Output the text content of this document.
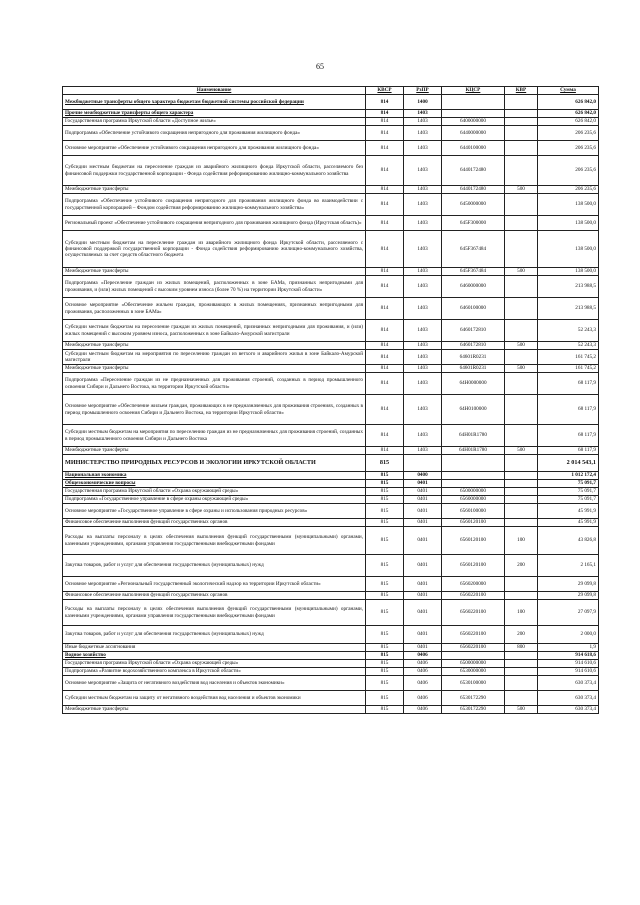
65
Наименование	КВСР	РзПР	КЦСР	КВР	Сумма
Межбюджетные трансферты общего характера бюджетам бюджетной системы российской федерации	814	1400			626 842,0
Прочие межбюджетные трансферты общего характера	814	1403			626 842,0
Государственная программа Иркутской области «Доступное жилье»	814	1403	6400000000		626 842,0
Подпрограмма «Обеспечение устойчивого сокращения непригодного для проживания жилищного фонда»	814	1403	6440000000		206 235,6
Основное мероприятие «Обеспечение устойчивого сокращения непригодного для проживания жилищного фонда»	814	1403	6440100000		206 235,6
Субсидии местным бюджетам на переселение граждан из аварийного жилищного фонда Иркутской области, расселяемого без финансовой поддержки государственной корпорации - Фонда содействия реформированию жилищно-коммунального хозяйства	814	1403	6440172480		206 235,6
Межбюджетные трансферты	814	1403	6440172480	500	206 235,6
Подпрограмма «Обеспечение устойчивого сокращения непригодного для проживания жилищного фонда во взаимодействии с государственной корпорацией – Фондом содействия реформированию жилищно-коммунального хозяйства»	814	1403	6450000000		138 500,0
Региональный проект «Обеспечение устойчивого сокращения непригодного для проживания жилищного фонда (Иркутская область)»	814	1403	645F300000		138 500,0
Субсидии местным бюджетам на переселение граждан из аварийного жилищного фонда Иркутской области, расселяемого с финансовой поддержкой государственной корпорации - Фонда содействия реформированию жилищно-коммунального хозяйства, осуществляемых за счет средств областного бюджета	814	1403	645F367484		138 500,0
Межбюджетные трансферты	814	1403	645F367484	500	138 500,0
Подпрограмма «Переселение граждан из жилых помещений, расположенных в зоне БАМа, признанных непригодными для проживания, и (или) жилых помещений с высоким уровнем износа (более 70 %) на территории Иркутской области»	814	1403	6460000000		213 988,5
Основное мероприятие «Обеспечение жильем граждан, проживающих в жилых помещениях, признанных непригодными для проживания, расположенных в зоне БАМа»	814	1403	6460100000		213 988,5
Субсидии местным бюджетам на переселение граждан из жилых помещений, признанных непригодными для проживания, и (или) жилых помещений с высоким уровнем износа, расположенных в зоне Байкало-Амурской магистрали	814	1403	6460172810		52 243,3
Межбюджетные трансферты	814	1403	6460172810	500	52 243,3
Субсидии местным бюджетам на мероприятия по переселению граждан из ветхого и аварийного жилья в зоне Байкало-Амурской магистрали	814	1403	64601R0231		161 745,2
Межбюджетные трансферты	814	1403	64601R0231	500	161 745,2
Подпрограмма «Переселение граждан из не предназначенных для проживания строений, созданных в период промышленного освоения Сибири и Дальнего Востока, на территории Иркутской области»	814	1403	64Н0000000		68 117,9
Основное мероприятие «Обеспечение жильем граждан, проживающих в не предназначенных для проживания строениях, созданных в период промышленного освоения Сибири и Дальнего Востока, на территории Иркутской области»	814	1403	64Н0100000		68 117,9
Субсидии местным бюджетам на мероприятия по переселению граждан из не предназначенных для проживания строений, созданных в период промышленного освоения Сибири и Дальнего Востока	814	1403	64Н01R1780		68 117,9
Межбюджетные трансферты	814	1403	64Н01R1780	500	68 117,9
МИНИСТЕРСТВО ПРИРОДНЫХ РЕСУРСОВ И ЭКОЛОГИИ ИРКУТСКОЙ ОБЛАСТИ	815				2 014 543,1
Национальная экономика	815	0400			1 012 172,4
Общеэкономические вопросы	815	0401			75 091,7
Государственная программа Иркутской области «Охрана окружающей среды»	815	0401	6500000000		75 091,7
Подпрограмма «Государственное управление в сфере охраны окружающей среды»	815	0401	6560000000		75 091,7
Основное мероприятие «Государственное управление в сфере охраны и использования природных ресурсов»	815	0401	6560100000		45 991,9
Финансовое обеспечение выполнения функций государственных органов	815	0401	6560120100		45 991,9
Расходы на выплаты персоналу в целях обеспечения выполнения функций государственными (муниципальными) органами, казенными учреждениями, органами управления государственными внебюджетными фондами	815	0401	6560120100	100	43 826,8
Закупка товаров, работ и услуг для обеспечения государственных (муниципальных) нужд	815	0401	6560120100	200	2 165,1
Основное мероприятие «Региональный государственный экологический надзор на территории Иркутской области»	815	0401	6560200000		29 099,8
Финансовое обеспечение выполнения функций государственных органов	815	0401	6560220100		29 099,8
Расходы на выплаты персоналу в целях обеспечения выполнения функций государственными (муниципальными) органами, казенными учреждениями, органами управления государственными внебюджетными фондами	815	0401	6560220100	100	27 097,9
Закупка товаров, работ и услуг для обеспечения государственных (муниципальных) нужд	815	0401	6560220100	200	2 000,0
Иные бюджетные ассигнования	815	0401	6560220100	800	1,9
Водное хозяйство	815	0406			914 618,6
Государственная программа Иркутской области «Охрана окружающей среды»	815	0406	6500000000		914 610,6
Подпрограмма «Развитие водохозяйственного комплекса в Иркутской области»	815	0406	6530000000		914 610,6
Основное мероприятие «Защита от негативного воздействия вод населения и объектов экономики»	815	0406	6530100000		630 373,4
Субсидии местным бюджетам на защиту от негативного воздействия вод населения и объектов экономики	815	0406	6530172290		630 373,4
Межбюджетные трансферты	815	0406	6530172290	500	630 373,4
